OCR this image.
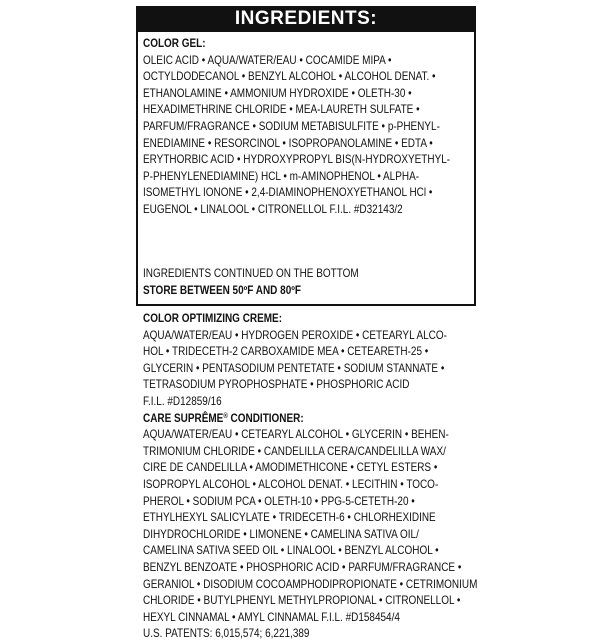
INGREDIENTS:
COLOR GEL:
OLEIC ACID • AQUA/WATER/EAU • COCAMIDE MIPA •
OCTYLDODECANOL • BENZYL ALCOHOL • ALCOHOL DENAT. •
ETHANOLAMINE • AMMONIUM HYDROXIDE • OLETH-30 •
HEXADIMETHRINE CHLORIDE • MEA-LAURETH SULFATE •
PARFUM/FRAGRANCE • SODIUM METABISULFITE • p-PHENYL-
ENEDIAMINE • RESORCINOL • ISOPROPANOLAMINE • EDTA •
ERYTHORBIC ACID • HYDROXYPROPYL BIS(N-HYDROXYETHYL-
P-PHENYLENEDIAMINE) HCL • m-AMINOPHENOL • ALPHA-
ISOMETHYL IONONE • 2,4-DIAMINOPHENOXYETHANOL HCl •
EUGENOL • LINALOOL • CITRONELLOL F.I.L. #D32143/2
INGREDIENTS CONTINUED ON THE BOTTOM
STORE BETWEEN 50ºF AND 80ºF
COLOR OPTIMIZING CREME:
AQUA/WATER/EAU • HYDROGEN PEROXIDE • CETEARYL ALCO-
HOL • TRIDECETH-2 CARBOXAMIDE MEA • CETEARETH-25 •
GLYCERIN • PENTASODIUM PENTETATE • SODIUM STANNATE •
TETRASODIUM PYROPHOSPHATE • PHOSPHORIC ACID
F.I.L. #D12859/16
CARE SUPRÊME® CONDITIONER:
AQUA/WATER/EAU • CETEARYL ALCOHOL • GLYCERIN • BEHEN-
TRIMONIUM CHLORIDE • CANDELILLA CERA/CANDELILLA WAX/
CIRE DE CANDELILLA • AMODIMETHICONE • CETYL ESTERS •
ISOPROPYL ALCOHOL • ALCOHOL DENAT. • LECITHIN • TOCO-
PHEROL • SODIUM PCA • OLETH-10 • PPG-5-CETETH-20 •
ETHYLHEXYL SALICYLATE • TRIDECETH-6 • CHLORHEXIDINE
DIHYDROCHLORIDE • LIMONENE • CAMELINA SATIVA OIL/
CAMELINA SATIVA SEED OIL • LINALOOL • BENZYL ALCOHOL •
BENZYL BENZOATE • PHOSPHORIC ACID • PARFUM/FRAGRANCE •
GERANIOL • DISODIUM COCOAMPHODIPROPIONATE • CETRIMONIUM
CHLORIDE • BUTYLPHENYL METHYLPROPIONAL • CITRONELLOL •
HEXYL CINNAMAL • AMYL CINNAMAL F.I.L. #D158454/4
U.S. PATENTS: 6,015,574; 6,221,389
